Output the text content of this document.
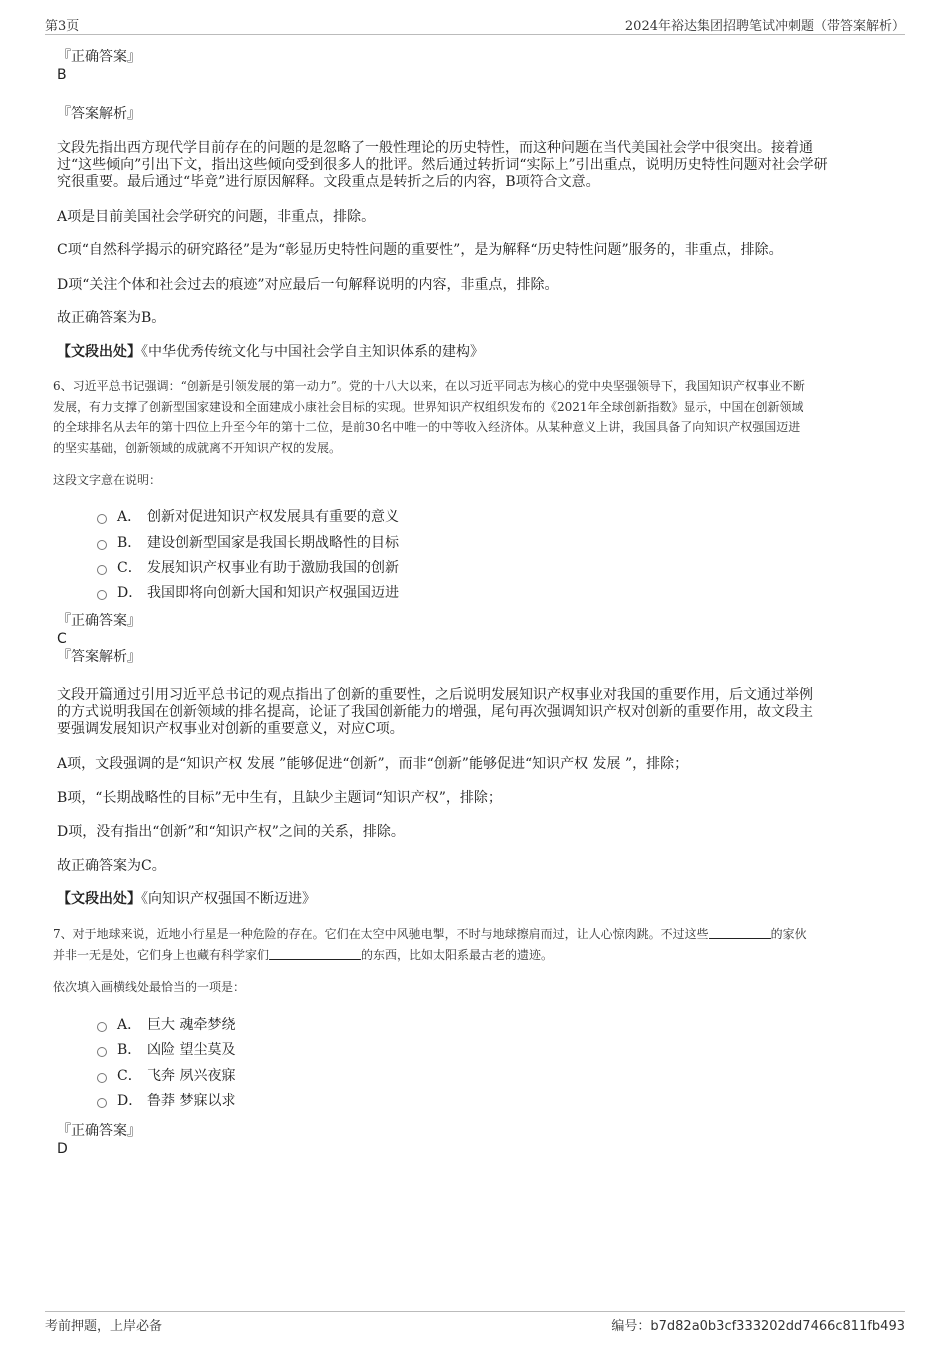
第3页	2024年裕达集团招聘笔试冲刺题（带答案解析）
『正确答案』
B
『答案解析』
文段先指出西方现代学目前存在的问题的是忽略了一般性理论的历史特性，而这种问题在当代美国社会学中很突出。接着通
过“这些倾向”引出下文，指出这些倾向受到很多人的批评。然后通过转折词“实际上”引出重点，说明历史特性问题对社会学研
究很重要。最后通过“毕竟”进行原因解释。文段重点是转折之后的内容，B项符合文意。
A项是目前美国社会学研究的问题，非重点，排除。
C项“自然科学揭示的研究路径”是为“彰显历史特性问题的重要性”，是为解释“历史特性问题”服务的，非重点，排除。
D项“关注个体和社会过去的痕迹”对应最后一句解释说明的内容，非重点，排除。
故正确答案为B。
【文段出处】《中华优秀传统文化与中国社会学自主知识体系的建构》
6、习近平总书记强调：“创新是引领发展的第一动力”。党的十八大以来，在以习近平同志为核心的党中央坚强领导下，我国知识产权事业不断
发展，有力支撑了创新型国家建设和全面建成小康社会目标的实现。世界知识产权组织发布的《2021年全球创新指数》显示，中国在创新领域
的全球排名从去年的第十四位上升至今年的第十二位，是前30名中唯一的中等收入经济体。从某种意义上讲，我国具备了向知识产权强国迈进
的坚实基础，创新领域的成就离不开知识产权的发展。
这段文字意在说明：
A． 创新对促进知识产权发展具有重要的意义
B． 建设创新型国家是我国长期战略性的目标
C． 发展知识产权事业有助于激励我国的创新
D． 我国即将向创新大国和知识产权强国迈进
『正确答案』
C
『答案解析』
文段开篇通过引用习近平总书记的观点指出了创新的重要性，之后说明发展知识产权事业对我国的重要作用，后文通过举例
的方式说明我国在创新领域的排名提高，论证了我国创新能力的增强，尾句再次强调知识产权对创新的重要作用，故文段主
要强调发展知识产权事业对创新的重要意义，对应C项。
A项，文段强调的是“知识产权 发展 ”能够促进“创新”，而非“创新”能够促进“知识产权 发展 ”，排除；
B项，“长期战略性的目标”无中生有，且缺少主题词“知识产权”，排除；
D项，没有指出“创新”和“知识产权”之间的关系，排除。
故正确答案为C。
【文段出处】《向知识产权强国不断迈进》
7、对于地球来说，近地小行星是一种危险的存在。它们在太空中风驰电掣，不时与地球擦肩而过，让人心惊肉跳。不过这些	的家伙
并非一无是处，它们身上也藏有科学家们	的东西，比如太阳系最古老的遗迹。
依次填入画横线处最恰当的一项是：
A． 巨大 魂牵梦绕
B． 凶险 望尘莫及
C． 飞奔 夙兴夜寐
D． 鲁莽 梦寐以求
『正确答案』
D
考前押题，上岸必备	编号：b7d82a0b3cf333202dd7466c811fb493
